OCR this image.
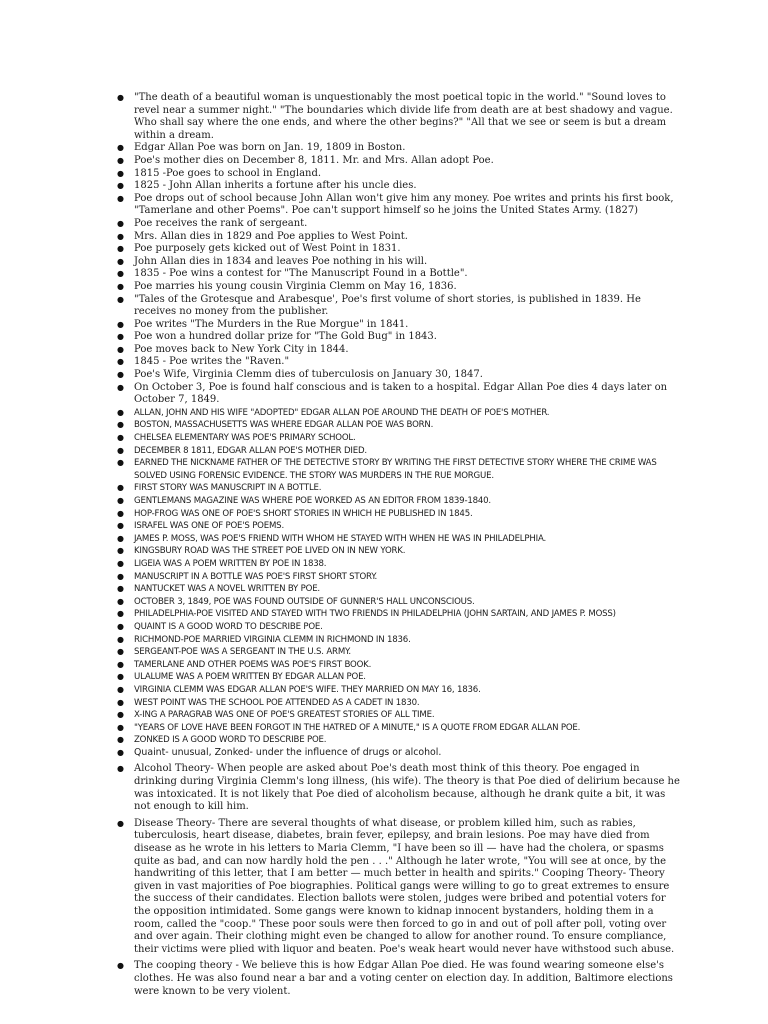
● "The death of a beautiful woman is unquestionably the most poetical topic in the world." "Sound loves to revel near a summer night." "The boundaries which divide life from death are at best shadowy and vague. Who shall say where the one ends, and where the other begins?" "All that we see or seem is but a dream within a dream.
● Edgar Allan Poe was born on Jan. 19, 1809 in Boston.
● Poe's mother dies on December 8, 1811. Mr. and Mrs. Allan adopt Poe.
● 1815 -Poe goes to school in England.
● 1825 - John Allan inherits a fortune after his uncle dies.
● Poe drops out of school because John Allan won't give him any money. Poe writes and prints his first book, "Tamerlane and other Poems". Poe can't support himself so he joins the United States Army. (1827)
● Poe receives the rank of sergeant.
● Mrs. Allan dies in 1829 and Poe applies to West Point.
● Poe purposely gets kicked out of West Point in 1831.
● John Allan dies in 1834 and leaves Poe nothing in his will.
● 1835 - Poe wins a contest for "The Manuscript Found in a Bottle".
● Poe marries his young cousin Virginia Clemm on May 16, 1836.
● "Tales of the Grotesque and Arabesque', Poe's first volume of short stories, is published in 1839. He receives no money from the publisher.
● Poe writes "The Murders in the Rue Morgue" in 1841.
● Poe won a hundred dollar prize for "The Gold Bug" in 1843.
● Poe moves back to New York City in 1844.
● 1845 - Poe writes the "Raven."
● Poe's Wife, Virginia Clemm dies of tuberculosis on January 30, 1847.
● On October 3, Poe is found half conscious and is taken to a hospital. Edgar Allan Poe dies 4 days later on October 7, 1849.
● ALLAN, JOHN AND HIS WIFE "ADOPTED" EDGAR ALLAN POE AROUND THE DEATH OF POE'S MOTHER.
● BOSTON, MASSACHUSETTS WAS WHERE EDGAR ALLAN POE WAS BORN.
● CHELSEA ELEMENTARY WAS POE'S PRIMARY SCHOOL.
● DECEMBER 8 1811, EDGAR ALLAN POE'S MOTHER DIED.
● EARNED THE NICKNAME FATHER OF THE DETECTIVE STORY BY WRITING THE FIRST DETECTIVE STORY WHERE THE CRIME WAS SOLVED USING FORENSIC EVIDENCE. THE STORY WAS MURDERS IN THE RUE MORGUE.
● FIRST STORY WAS MANUSCRIPT IN A BOTTLE.
● GENTLEMANS MAGAZINE WAS WHERE POE WORKED AS AN EDITOR FROM 1839-1840.
● HOP-FROG WAS ONE OF POE'S SHORT STORIES IN WHICH HE PUBLISHED IN 1845.
● ISRAFEL WAS ONE OF POE'S POEMS.
● JAMES P. MOSS, WAS POE'S FRIEND WITH WHOM HE STAYED WITH WHEN HE WAS IN PHILADELPHIA.
● KINGSBURY ROAD WAS THE STREET POE LIVED ON IN NEW YORK.
● LIGEIA WAS A POEM WRITTEN BY POE IN 1838.
● MANUSCRIPT IN A BOTTLE WAS POE'S FIRST SHORT STORY.
● NANTUCKET WAS A NOVEL WRITTEN BY POE.
● OCTOBER 3, 1849, POE WAS FOUND OUTSIDE OF GUNNER'S HALL UNCONSCIOUS.
● PHILADELPHIA-POE VISITED AND STAYED WITH TWO FRIENDS IN PHILADELPHIA (JOHN SARTAIN, AND JAMES P. MOSS)
● QUAINT IS A GOOD WORD TO DESCRIBE POE.
● RICHMOND-POE MARRIED VIRGINIA CLEMM IN RICHMOND IN 1836.
● SERGEANT-POE WAS A SERGEANT IN THE U.S. ARMY.
● TAMERLANE AND OTHER POEMS WAS POE'S FIRST BOOK.
● ULALUME WAS A POEM WRITTEN BY EDGAR ALLAN POE.
● VIRGINIA CLEMM WAS EDGAR ALLAN POE'S WIFE. THEY MARRIED ON MAY 16, 1836.
● WEST POINT WAS THE SCHOOL POE ATTENDED AS A CADET IN 1830.
● X-ING A PARAGRAB WAS ONE OF POE'S GREATEST STORIES OF ALL TIME.
● "YEARS OF LOVE HAVE BEEN FORGOT IN THE HATRED OF A MINUTE," IS A QUOTE FROM EDGAR ALLAN POE.
● ZONKED IS A GOOD WORD TO DESCRIBE POE.
● Quaint- unusual, Zonked- under the influence of drugs or alcohol.
● Alcohol Theory- When people are asked about Poe's death most think of this theory. Poe engaged in drinking during Virginia Clemm's long illness, (his wife). The theory is that Poe died of delirium because he was intoxicated. It is not likely that Poe died of alcoholism because, although he drank quite a bit, it was not enough to kill him.
● Disease Theory- There are several thoughts of what disease, or problem killed him, such as rabies, tuberculosis, heart disease, diabetes, brain fever, epilepsy, and brain lesions. Poe may have died from disease as he wrote in his letters to Maria Clemm, "I have been so ill — have had the cholera, or spasms quite as bad, and can now hardly hold the pen . . ." Although he later wrote, "You will see at once, by the handwriting of this letter, that I am better — much better in health and spirits." Cooping Theory- Theory given in vast majorities of Poe biographies. Political gangs were willing to go to great extremes to ensure the success of their candidates. Election ballots were stolen, judges were bribed and potential voters for the opposition intimidated. Some gangs were known to kidnap innocent bystanders, holding them in a room, called the "coop." These poor souls were then forced to go in and out of poll after poll, voting over and over again. Their clothing might even be changed to allow for another round. To ensure compliance, their victims were plied with liquor and beaten. Poe's weak heart would never have withstood such abuse.
● The cooping theory - We believe this is how Edgar Allan Poe died. He was found wearing someone else's clothes. He was also found near a bar and a voting center on election day. In addition, Baltimore elections were known to be very violent.
